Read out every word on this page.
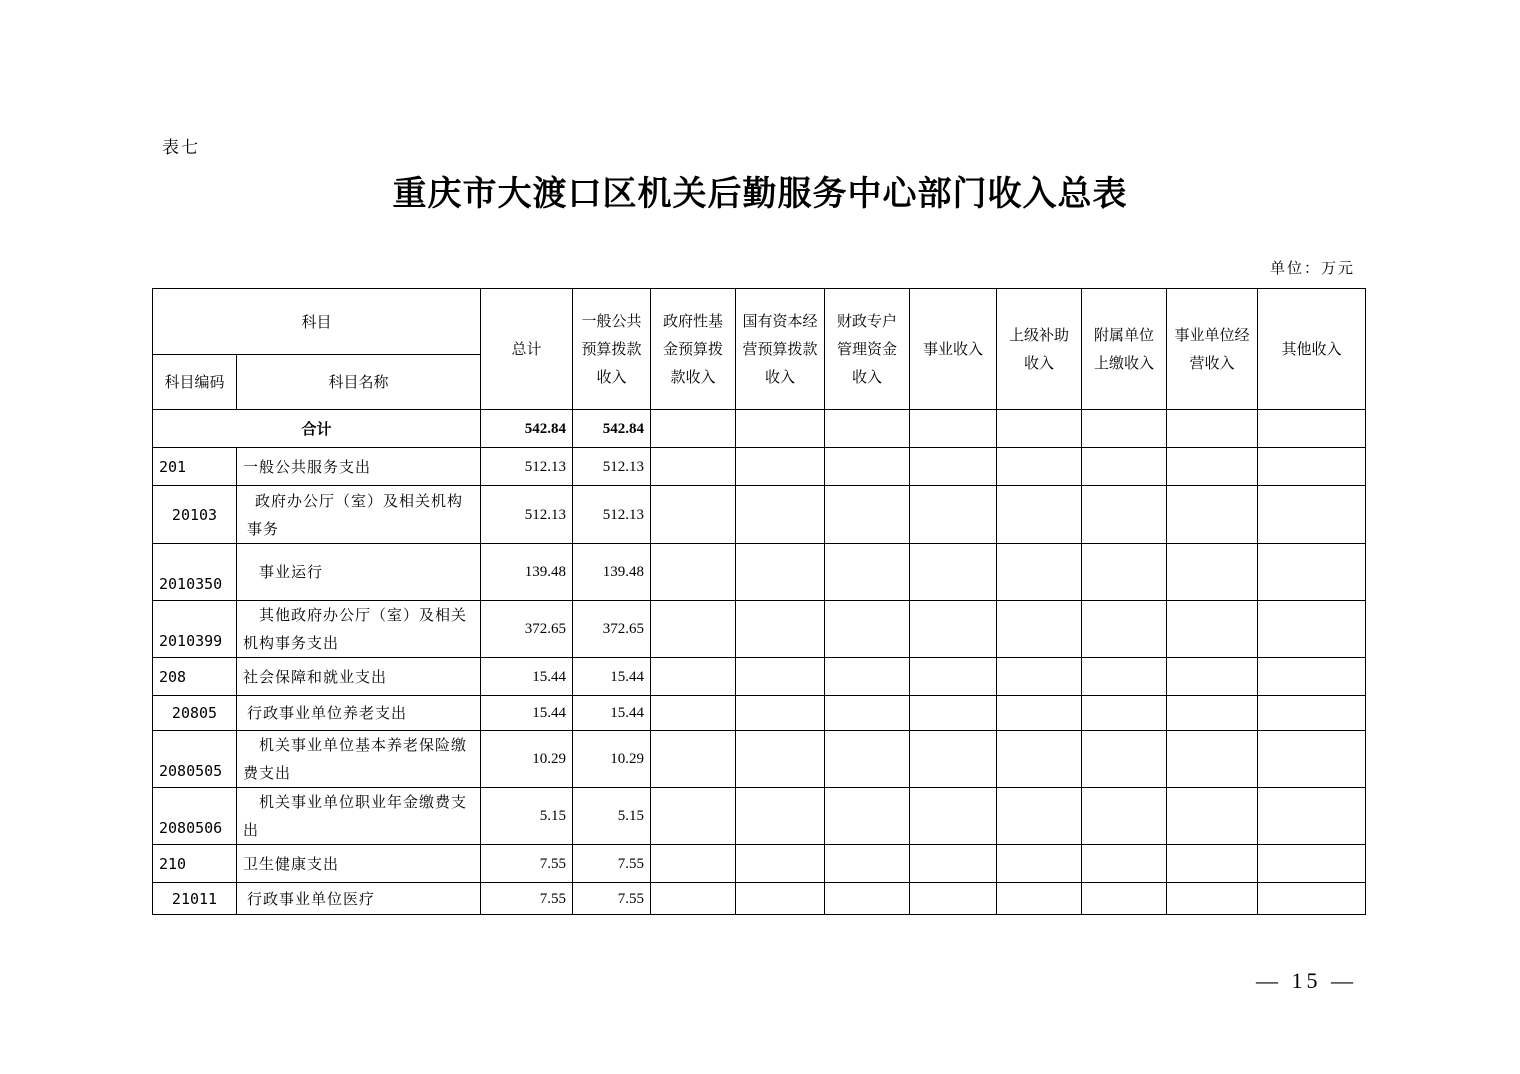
表七
重庆市大渡口区机关后勤服务中心部门收入总表
单位：万元
科目		总计	一般公共预算拨款收入	政府性基金预算拨款收入	国有资本经营预算拨款收入	财政专户管理资金收入	事业收入	上级补助收入	附属单位上缴收入	事业单位经营收入	其他收入
科目编码	科目名称										
合计		542.84	542.84								
201	一般公共服务支出	512.13	512.13								
20103	政府办公厅（室）及相关机构事务	512.13	512.13								
2010350	事业运行	139.48	139.48								
2010399	其他政府办公厅（室）及相关机构事务支出	372.65	372.65								
208	社会保障和就业支出	15.44	15.44								
20805	行政事业单位养老支出	15.44	15.44								
2080505	机关事业单位基本养老保险缴费支出	10.29	10.29								
2080506	机关事业单位职业年金缴费支出	5.15	5.15								
210	卫生健康支出	7.55	7.55								
21011	行政事业单位医疗	7.55	7.55								
— 15 —
